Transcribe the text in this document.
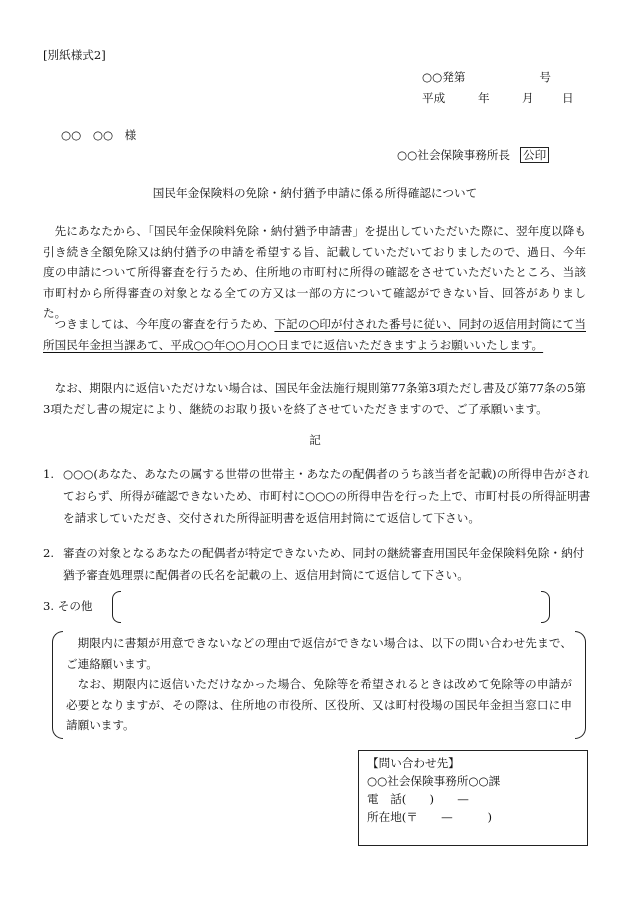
[別紙様式2]
○○発第	号
平成	年	月 日
○○　○○　様
○○社会保険事務所長 公印
国民年金保険料の免除・納付猶予申請に係る所得確認について
先にあなたから、「国民年金保険料免除・納付猶予申請書」を提出していただいた際に、翌年度以降も引き続き全額免除又は納付猶予の申請を希望する旨、記載していただいておりましたので、過日、今年度の申請について所得審査を行うため、住所地の市町村に所得の確認をさせていただいたところ、当該市町村から所得審査の対象となる全ての方又は一部の方について確認ができない旨、回答がありました。
つきましては、今年度の審査を行うため、下記の○印が付された番号に従い、同封の返信用封筒にて当所国民年金担当課あて、平成○○年○○月○○日までに返信いただきますようお願いいたします。
なお、期限内に返信いただけない場合は、国民年金法施行規則第77条第3項ただし書及び第77条の5第3項ただし書の規定により、継続のお取り扱いを終了させていただきますので、ご了承願います。
記
1. ○○○(あなた、あなたの属する世帯の世帯主・あなたの配偶者のうち該当者を記載)の所得申告がされておらず、所得が確認できないため、市町村に○○○の所得申告を行った上で、市町村長の所得証明書を請求していただき、交付された所得証明書を返信用封筒にて返信して下さい。
2. 審査の対象となるあなたの配偶者が特定できないため、同封の継続審査用国民年金保険料免除・納付猶予審査処理票に配偶者の氏名を記載の上、返信用封筒にて返信して下さい。
3. その他

期限内に書類が用意できないなどの理由で返信ができない場合は、以下の問い合わせ先まで、ご連絡願います。

なお、期限内に返信いただけなかった場合、免除等を希望されるときは改めて免除等の申請が必要となりますが、その際は、住所地の市役所、区役所、又は町村役場の国民年金担当窓口に申請願います。

【問い合わせ先】
○○社会保険事務所○○課
電　話(　　)　　—
所在地(〒　　—　　　)
